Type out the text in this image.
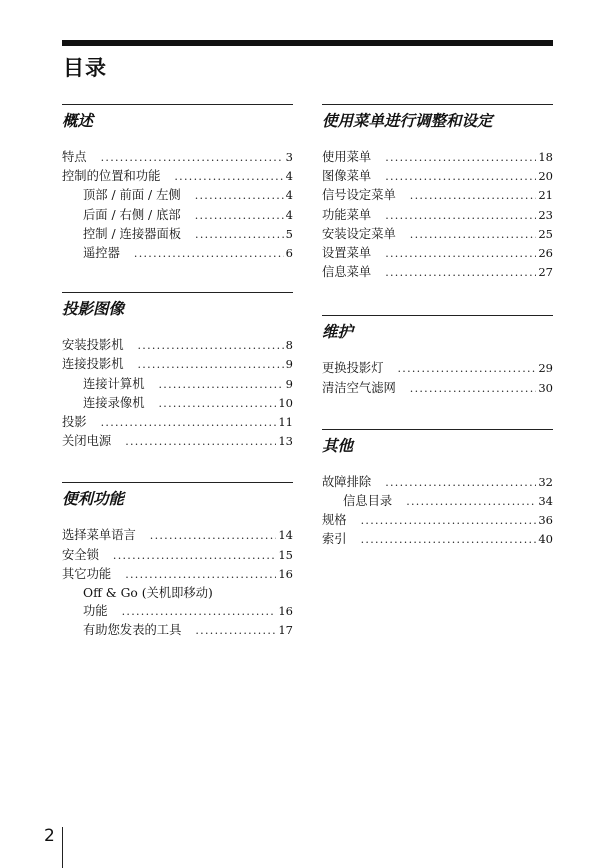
目录
概述
特点 .....	3
控制的位置和功能 .....	4
顶部 / 前面 / 左侧 .....	4
后面 / 右侧 / 底部 .....	4
控制 / 连接器面板 .....	5
遥控器 .....	6
投影图像
安装投影机 .....	8
连接投影机 .....	9
连接计算机 .....	9
连接录像机 .....	10
投影 .....	11
关闭电源 .....	13
便利功能
选择菜单语言 .....	14
安全锁 .....	15
其它功能 .....	16
Off & Go (关机即移动)
功能 .....	16
有助您发表的工具 .....	17
使用菜单进行调整和设定
使用菜单 .....	18
图像菜单 .....	20
信号设定菜单 .....	21
功能菜单 .....	23
安装设定菜单 .....	25
设置菜单 .....	26
信息菜单 .....	27
维护
更换投影灯 .....	29
清洁空气滤网 .....	30
其他
故障排除 .....	32
信息目录 .....	34
规格 .....	36
索引 .....	40
2
